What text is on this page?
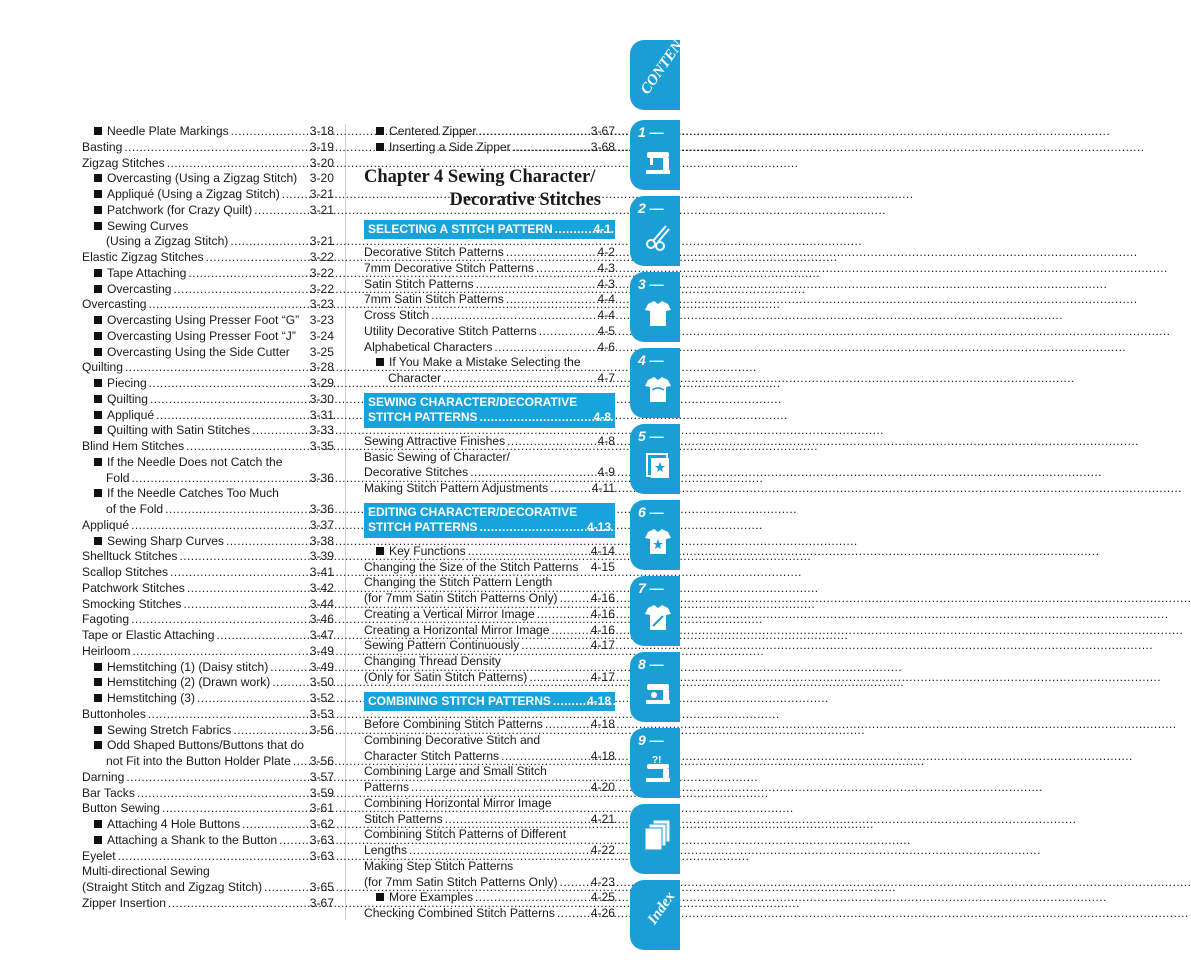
Needle Plate Markings .....	3-18
Basting .....	3-19
Zigzag Stitches .....	3-20
Overcasting (Using a Zigzag Stitch) 3-20
Appliqué (Using a Zigzag Stitch) ..... 3-21
Patchwork (for Crazy Quilt) .....	3-21
Sewing Curves
(Using a Zigzag Stitch) .....	3-21
Elastic Zigzag Stitches .....	3-22
Tape Attaching .....	3-22
Overcasting .....	3-22
Overcasting .....	3-23
Overcasting Using Presser Foot “G” 3-23
Overcasting Using Presser Foot “J” 3-24
Overcasting Using the Side Cutter 3-25
Quilting .....	3-28
Piecing .....	3-29
Quilting .....	3-30
Appliqué .....	3-31
Quilting with Satin Stitches .....	3-33
Blind Hem Stitches .....	3-35
If the Needle Does not Catch the
Fold .....	3-36
If the Needle Catches Too Much
of the Fold .....	3-36
Appliqué .....	3-37
Sewing Sharp Curves .....	3-38
Shelltuck Stitches .....	3-39
Scallop Stitches .....	3-41
Patchwork Stitches .....	3-42
Smocking Stitches .....	3-44
Fagoting .....	3-46
Tape or Elastic Attaching .....	3-47
Heirloom .....	3-49
Hemstitching (1) (Daisy stitch) .....	3-49
Hemstitching (2) (Drawn work) .....	3-50
Hemstitching (3) .....	3-52
Buttonholes .....	3-53
Sewing Stretch Fabrics .....	3-56
Odd Shaped Buttons/Buttons that do
not Fit into the Button Holder Plate ..... 3-56
Darning .....	3-57
Bar Tacks .....	3-59
Button Sewing .....	3-61
Attaching 4 Hole Buttons .....	3-62
Attaching a Shank to the Button .....	3-63
Eyelet .....	3-63
Multi-directional Sewing
(Straight Stitch and Zigzag Stitch) .....	3-65
Zipper Insertion .....	3-67
Centered Zipper .....	3-67
Inserting a Side Zipper .....	3-68
Chapter 4 Sewing Character/
Decorative Stitches
SELECTING A STITCH PATTERN .....	4-1
Decorative Stitch Patterns .....	4-2
7mm Decorative Stitch Patterns .....	4-3
Satin Stitch Patterns .....	4-3
7mm Satin Stitch Patterns .....	4-4
Cross Stitch .....	4-4
Utility Decorative Stitch Patterns .....	4-5
Alphabetical Characters .....	4-6
If You Make a Mistake Selecting the
Character .....	4-7
SEWING CHARACTER/DECORATIVE
STITCH PATTERNS .....	4-8
Sewing Attractive Finishes .....	4-8
Basic Sewing of Character/
Decorative Stitches .....	4-9
Making Stitch Pattern Adjustments .....	4-11
EDITING CHARACTER/DECORATIVE
STITCH PATTERNS .....	4-13
Key Functions .....	4-14
Changing the Size of the Stitch Patterns 4-15
Changing the Stitch Pattern Length
(for 7mm Satin Stitch Patterns Only) .....	4-16
Creating a Vertical Mirror Image .....	4-16
Creating a Horizontal Mirror Image .....	4-16
Sewing Pattern Continuously .....	4-17
Changing Thread Density
(Only for Satin Stitch Patterns) .....	4-17
COMBINING STITCH PATTERNS .....	4-18
Before Combining Stitch Patterns .....	4-18
Combining Decorative Stitch and
Character Stitch Patterns .....	4-18
Combining Large and Small Stitch
Patterns .....	4-20
Combining Horizontal Mirror Image
Stitch Patterns .....	4-21
Combining Stitch Patterns of Different
Lengths .....	4-22
Making Step Stitch Patterns
(for 7mm Satin Stitch Patterns Only) .....	4-23
More Examples .....	4-25
Checking Combined Stitch Patterns .....	4-26
CONTENTS
1 —
2 —
3 —
4 —
5 —
6 —
7 —
8 —
9 —
?!
Index
